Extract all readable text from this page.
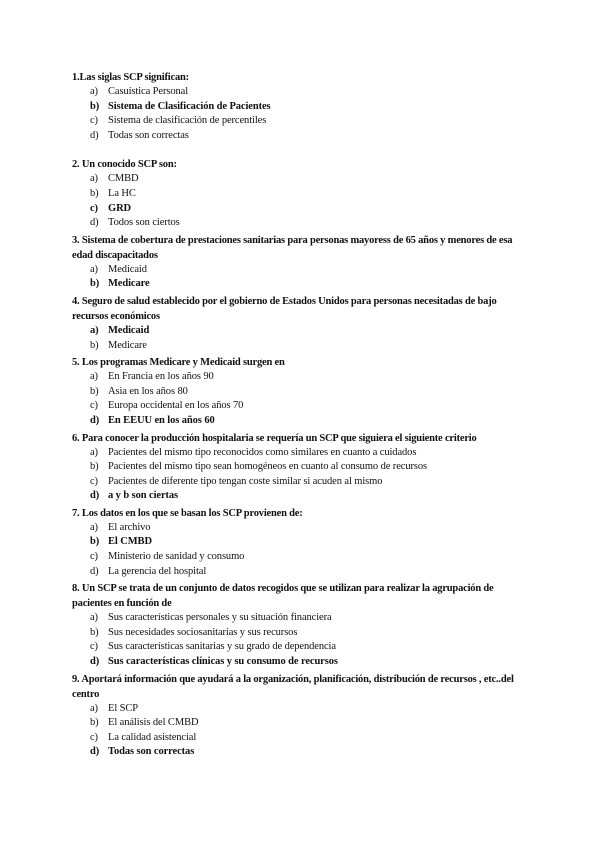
1.Las siglas SCP significan:
a) Casuística Personal
b) Sistema de Clasificación de Pacientes
c) Sistema de clasificación de percentiles
d) Todas son correctas
2. Un conocido SCP son:
a) CMBD
b) La HC
c) GRD
d) Todos son ciertos
3. Sistema de cobertura de prestaciones sanitarias para personas mayoress de 65 años y menores de esa edad discapacitados
a) Medicaid
b) Medicare
4. Seguro de salud establecido por el gobierno de Estados Unidos para personas necesitadas de bajo recursos económicos
a) Medicaid
b) Medicare
5. Los programas Medicare y Medicaid surgen en
a) En Francia en los años 90
b) Asia en los años 80
c) Europa occidental en los años 70
d) En EEUU en los años 60
6. Para conocer la producción hospitalaria se requería un SCP que siguiera el siguiente criterio
a) Pacientes del mismo tipo reconocidos como similares en cuanto a cuidados
b) Pacientes del mismo tipo sean homogéneos en cuanto al consumo de recursos
c) Pacientes de diferente tipo tengan coste similar si acuden al mismo
d) a y b son ciertas
7. Los datos en los que se basan los SCP provienen de:
a) El archivo
b) El CMBD
c) Ministerio de sanidad y consumo
d) La gerencia del hospital
8. Un SCP se trata de un conjunto de datos recogidos que se utilizan para realizar la agrupación de pacientes en función de
a) Sus características personales y su situación financiera
b) Sus necesidades sociosanitarias y sus recursos
c) Sus características sanitarias y su grado de dependencia
d) Sus características clínicas y su consumo de recursos
9. Aportará información que ayudará a la organización, planificación, distribución de recursos , etc..del centro
a) El SCP
b) El análisis del CMBD
c) La calidad asistencial
d) Todas son correctas
